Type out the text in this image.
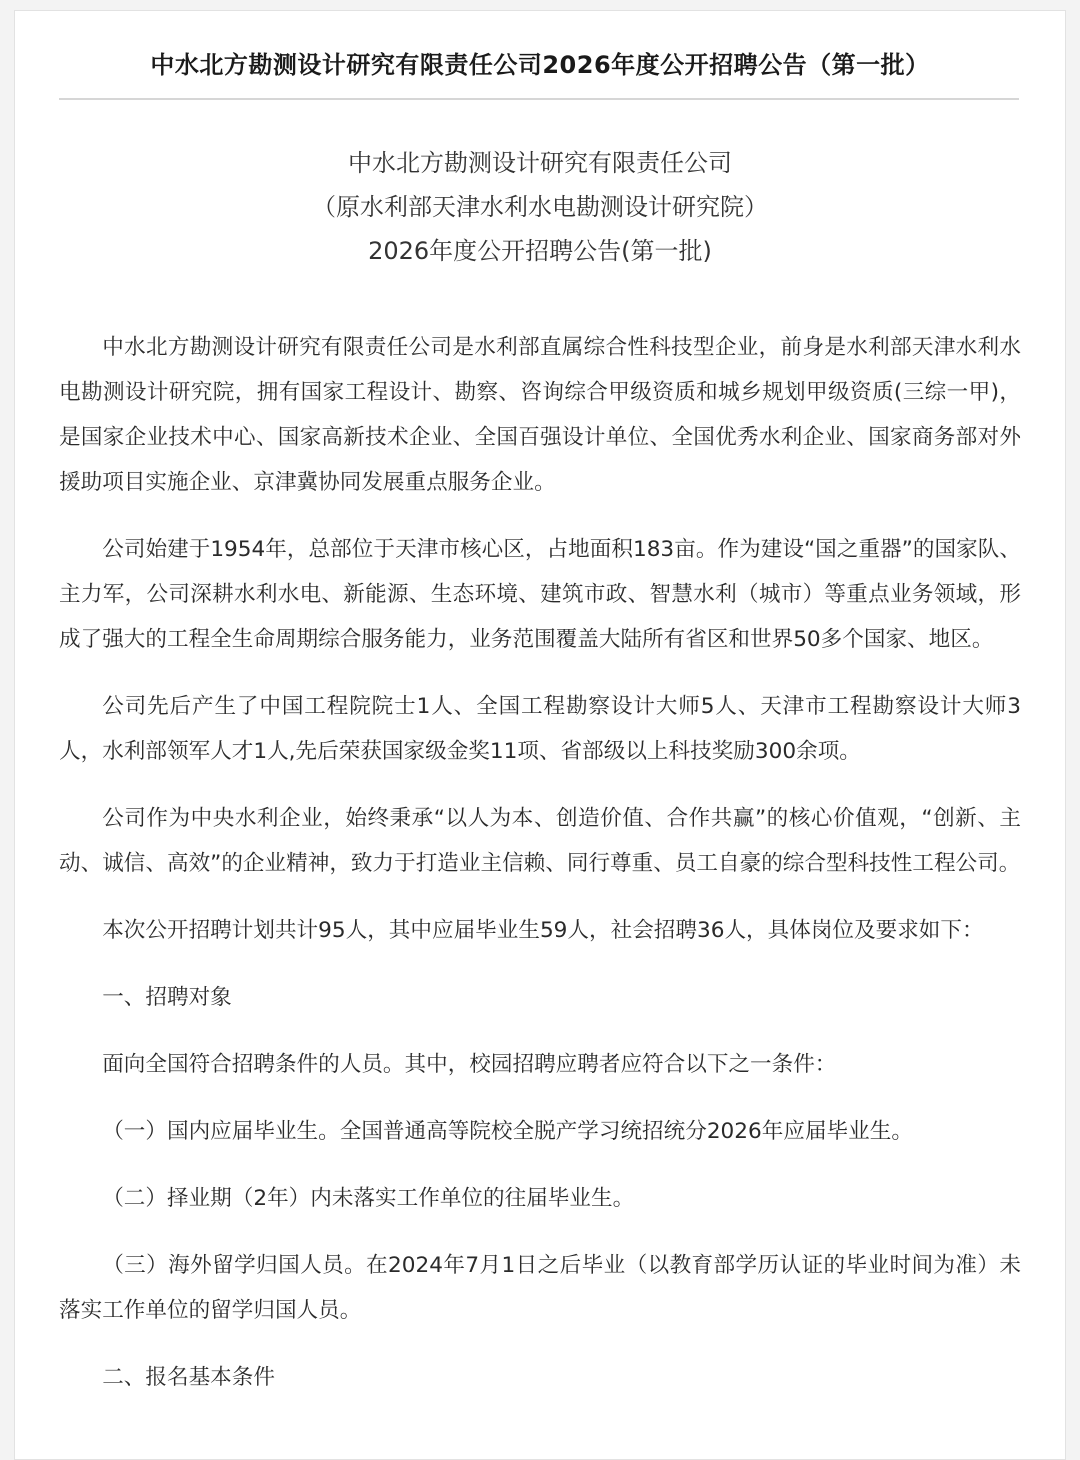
中水北方勘测设计研究有限责任公司2026年度公开招聘公告（第一批）
中水北方勘测设计研究有限责任公司
（原水利部天津水利水电勘测设计研究院）
2026年度公开招聘公告(第一批)

中水北方勘测设计研究有限责任公司是水利部直属综合性科技型企业，前身是水利部天津水利水电勘测设计研究院，拥有国家工程设计、勘察、咨询综合甲级资质和城乡规划甲级资质(三综一甲)，是国家企业技术中心、国家高新技术企业、全国百强设计单位、全国优秀水利企业、国家商务部对外援助项目实施企业、京津冀协同发展重点服务企业。

公司始建于1954年，总部位于天津市核心区，占地面积183亩。作为建设“国之重器”的国家队、主力军，公司深耕水利水电、新能源、生态环境、建筑市政、智慧水利（城市）等重点业务领域，形成了强大的工程全生命周期综合服务能力，业务范围覆盖大陆所有省区和世界50多个国家、地区。

公司先后产生了中国工程院院士1人、全国工程勘察设计大师5人、天津市工程勘察设计大师3人，水利部领军人才1人,先后荣获国家级金奖11项、省部级以上科技奖励300余项。

公司作为中央水利企业，始终秉承“以人为本、创造价值、合作共赢”的核心价值观，“创新、主动、诚信、高效”的企业精神，致力于打造业主信赖、同行尊重、员工自豪的综合型科技性工程公司。

本次公开招聘计划共计95人，其中应届毕业生59人，社会招聘36人，具体岗位及要求如下：

一、招聘对象

面向全国符合招聘条件的人员。其中，校园招聘应聘者应符合以下之一条件：

（一）国内应届毕业生。全国普通高等院校全脱产学习统招统分2026年应届毕业生。

（二）择业期（2年）内未落实工作单位的往届毕业生。

（三）海外留学归国人员。在2024年7月1日之后毕业（以教育部学历认证的毕业时间为准）未落实工作单位的留学归国人员。

二、报名基本条件
